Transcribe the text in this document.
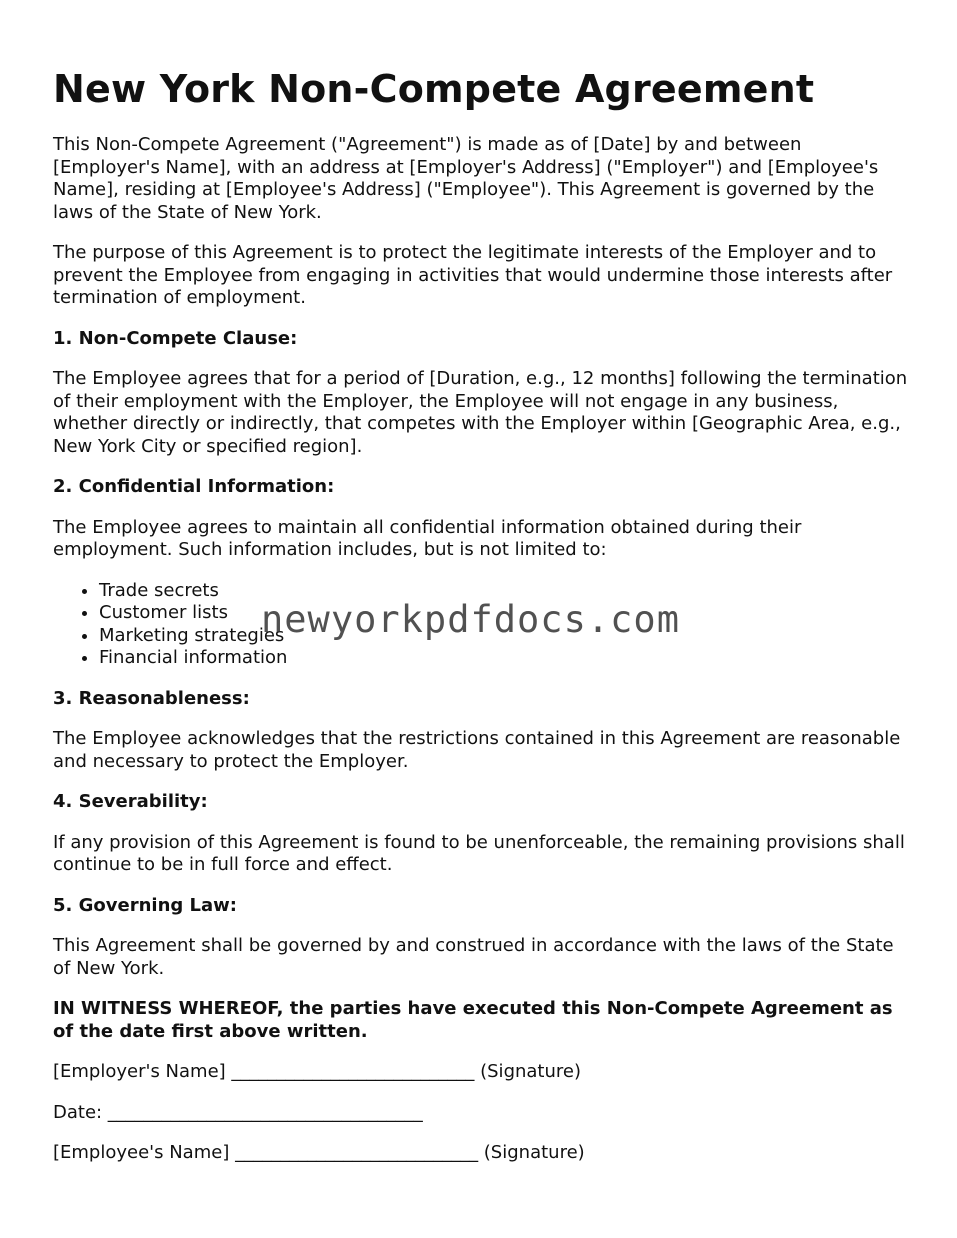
New York Non-Compete Agreement

This Non-Compete Agreement ("Agreement") is made as of [Date] by and between [Employer's Name], with an address at [Employer's Address] ("Employer") and [Employee's Name], residing at [Employee's Address] ("Employee"). This Agreement is governed by the laws of the State of New York.

The purpose of this Agreement is to protect the legitimate interests of the Employer and to prevent the Employee from engaging in activities that would undermine those interests after termination of employment.

1. Non-Compete Clause:

The Employee agrees that for a period of [Duration, e.g., 12 months] following the termination of their employment with the Employer, the Employee will not engage in any business, whether directly or indirectly, that competes with the Employer within [Geographic Area, e.g., New York City or specified region].

2. Confidential Information:

The Employee agrees to maintain all confidential information obtained during their employment. Such information includes, but is not limited to:

• Trade secrets
• Customer lists
• Marketing strategies
• Financial information
3. Reasonableness:

The Employee acknowledges that the restrictions contained in this Agreement are reasonable and necessary to protect the Employer.

4. Severability:

If any provision of this Agreement is found to be unenforceable, the remaining provisions shall continue to be in full force and effect.

5. Governing Law:

This Agreement shall be governed by and construed in accordance with the laws of the State of New York.

IN WITNESS WHEREOF, the parties have executed this Non-Compete Agreement as of the date first above written.

[Employer's Name] ___________________________ (Signature)
Date: ___________________________________
[Employee's Name] ___________________________ (Signature)
newyorkpdfdocs.com
